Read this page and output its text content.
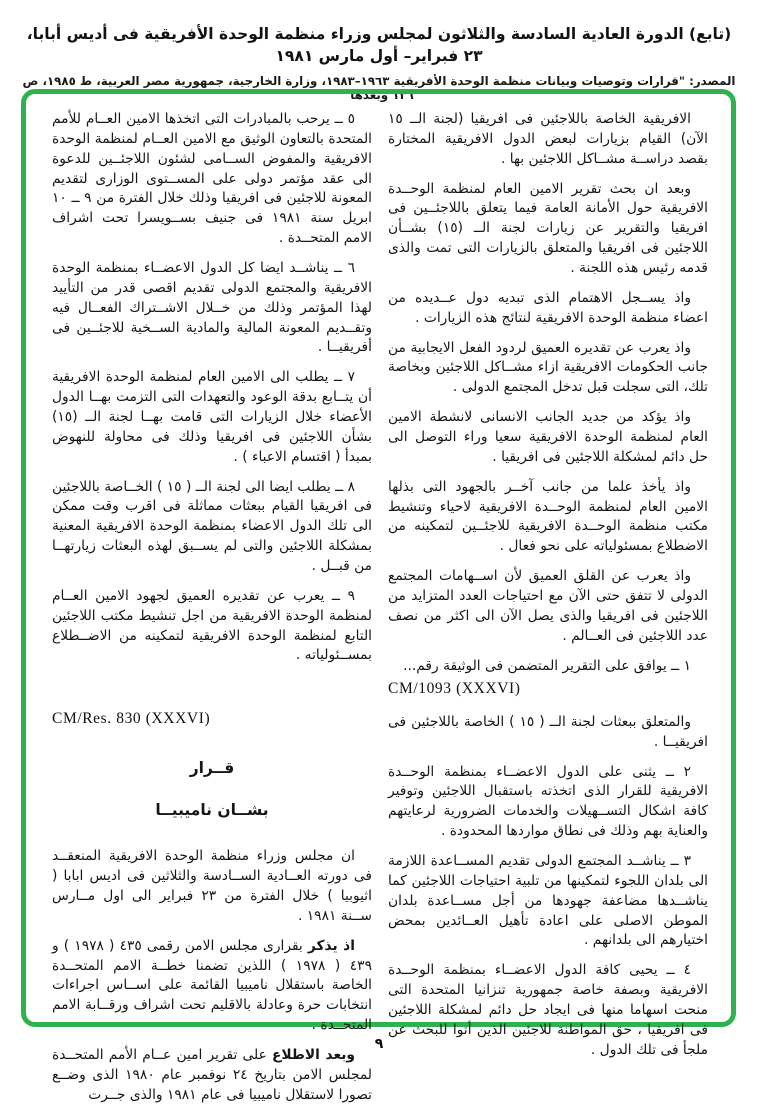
(تابع) الدورة العادية السادسة والثلاثون لمجلس وزراء منظمة الوحدة الأفريقية فى أديس أبابا، ٢٣ فبراير– أول مارس ١٩٨١
المصدر: "قرارات وتوصيات وبيانات منظمة الوحدة الأفريقية ١٩٦٣–١٩٨٣، وزارة الخارجية، جمهورية مصر العربية، ط ١٩٨٥، ص ١٣٦ وبعدها"

الافريقية الخاصة باللاجئين فى افريقيا (لجنة الــ ١٥ الآن) القيام بزيارات لبعض الدول الافريقية المختارة بقصد دراســة مشــاكل اللاجئين بها .

وبعد ان بحث تقرير الامين العام لمنظمة الوحــدة الافريقية حول الأمانة العامة فيما يتعلق باللاجئــين فى افريقيا والتقرير عن زيارات لجنة الــ (١٥) بشــأن اللاجئين فى افريقيا والمتعلق بالزيارات التى تمت والذى قدمه رئيس هذه اللجنة .

واذ يســجل الاهتمام الذى تبديه دول عــديده من اعضاء منظمة الوحدة الافريقية لنتائج هذه الزيارات .

واذ يعرب عن تقديره العميق لردود الفعل الايجابية من جانب الحكومات الافريقية ازاء مشــاكل اللاجئين وبخاصة تلك، التى سجلت قبل تدخل المجتمع الدولى .

واذ يؤكد من جديد الجانب الانسانى لانشطة الامين العام لمنظمة الوحدة الافريقية سعيا وراء التوصل الى حل دائم لمشكلة اللاجئين فى افريقيا .

واذ يأخذ علما من جانب آخــر بالجهود التى بذلها الامين العام لمنظمة الوحــدة الافريقية لاحياء وتنشيط مكتب منظمة الوحــدة الافريقية للاجئــين لتمكينه من الاضطلاع بمسئولياته على نحو فعال .

واذ يعرب عن القلق العميق لأن اســهامات المجتمع الدولى لا تتفق حتى الآن مع احتياجات العدد المتزايد من اللاجئين فى افريقيا والذى يصل الآن الى اكثر من نصف عدد اللاجئين فى العــالم .

١ ــ يوافق على التقرير المتضمن فى الوثيقة رقم...

CM/1093 (XXXVI)

والمتعلق ببعثات لجنة الــ ( ١٥ ) الخاصة باللاجئين فى افريقيــا .

٢ ــ يثنى على الدول الاعضــاء بمنظمة الوحــدة الافريقية للقرار الذى اتخذته باستقبال اللاجئين وتوفير كافة اشكال التســهيلات والخدمات الضرورية لرعايتهم والعناية بهم وذلك فى نطاق مواردها المحدودة .

٣ ــ يناشــد المجتمع الدولى تقديم المســاعدة اللازمة الى بلدان اللجوء لتمكينها من تلبية احتياجات اللاجئين كما يناشــدها مضاعفة جهودها من أجل مســاعدة بلدان الموطن الاصلى على اعادة تأهيل العــائدين بمحض اختيارهم الى بلدانهم .

٤ ــ يحيى كافة الدول الاعضــاء بمنظمة الوحــدة الافريقية وبصفة خاصة جمهورية تنزانيا المتحدة التى منحت اسهاما منها فى ايجاد حل دائم لمشكلة اللاجئين فى افريقيا ، حق المواطنة للاجئين الذين أتوا للبحث عن ملجأ فى تلك الدول .

٥ ــ يرحب بالمبادرات التى اتخذها الامين العــام للأمم المتحدة بالتعاون الوثيق مع الامين العــام لمنظمة الوحدة الافريقية والمفوض الســامى لشئون اللاجئــين للدعوة الى عقد مؤتمر دولى على المســتوى الوزارى لتقديم المعونة للاجئين فى افريقيا وذلك خلال الفترة من ٩ ــ ١٠ ابريل سنة ١٩٨١ فى جنيف بســويسرا تحت اشراف الامم المتحــدة .

٦ ــ يناشــد ايضا كل الدول الاعضــاء بمنظمة الوحدة الافريقية والمجتمع الدولى تقديم اقصى قدر من التأييد لهذا المؤتمر وذلك من خــلال الاشــتراك الفعــال فيه وتقــديم المعونة المالية والمادية الســخية للاجئــين فى أفريقيــا .

٧ ــ يطلب الى الامين العام لمنظمة الوحدة الافريقية أن يتــابع بدقة الوعود والتعهدات التى التزمت بهــا الدول الأعضاء خلال الزيارات التى قامت بهــا لجنة الــ (١٥) بشأن اللاجئين فى افريقيا وذلك فى محاولة للنهوض بمبدأ ( اقتسام الاعباء ) .

٨ ــ يطلب ايضا الى لجنة الــ ( ١٥ ) الخــاصة باللاجئين فى افريقيا القيام ببعثات مماثلة فى اقرب وقت ممكن الى تلك الدول الاعضاء بمنظمة الوحدة الافريقية المعنية بمشكلة اللاجئين والتى لم يســبق لهذه البعثات زيارتهــا من قبــل .

٩ ــ يعرب عن تقديره العميق لجهود الامين العــام لمنظمة الوحدة الافريقية من اجل تنشيط مكتب اللاجئين التابع لمنظمة الوحدة الافريقية لتمكينه من الاضــطلاع بمســئولياته .

CM/Res. 830 (XXXVI)
قــرار
بشــان ناميبيــا

ان مجلس وزراء منظمة الوحدة الافريقية المنعقــد فى دورته العــادية الســادسة والثلاثين فى اديس ابابا ( اثيوبيا ) خلال الفترة من ٢٣ فبراير الى اول مــارس ســنة ١٩٨١ .

اذ يذكر بقرارى مجلس الامن رقمى ٤٣٥ ( ١٩٧٨ ) و ٤٣٩ ( ١٩٧٨ ) اللذين تضمنا خطــة الامم المتحــدة الخاصة باستقلال ناميبيا القائمة على اســاس اجراءات انتخابات حرة وعادلة بالاقليم تحت اشراف ورقــابة الامم المتحــدة .

وبعد الاطلاع على تقرير امين عــام الأمم المتحــدة لمجلس الامن بتاريخ ٢٤ نوفمبر عام ١٩٨٠ الذى وضــع تصورا لاستقلال ناميبيا فى عام ١٩٨١ والذى جــرت

٩
